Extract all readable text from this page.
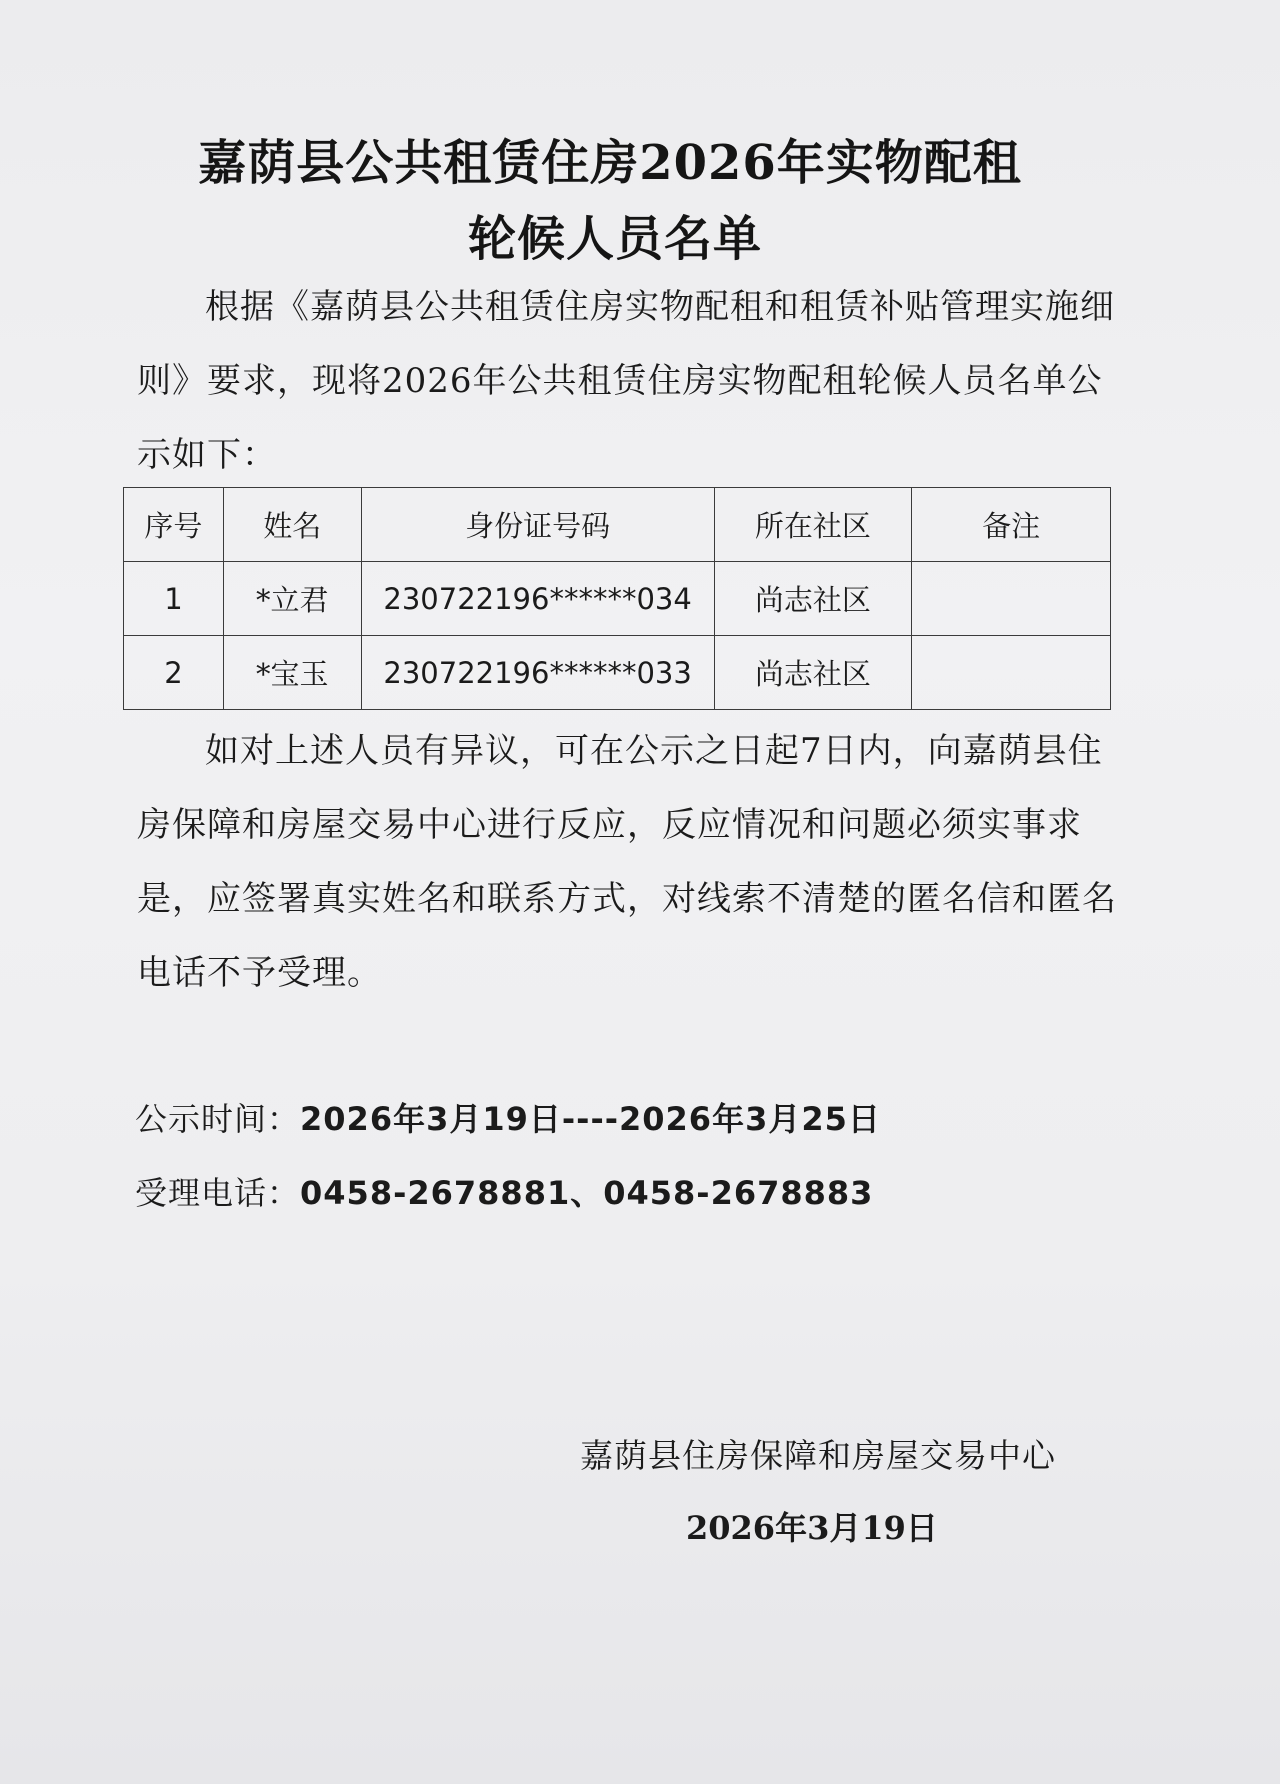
嘉荫县公共租赁住房2026年实物配租
轮候人员名单
根据《嘉荫县公共租赁住房实物配租和租赁补贴管理实施细则》要求，现将2026年公共租赁住房实物配租轮候人员名单公示如下：
序号	姓名	身份证号码	所在社区	备注
1	*立君	230722196******034	尚志社区	
2	*宝玉	230722196******033	尚志社区	
如对上述人员有异议，可在公示之日起7日内，向嘉荫县住房保障和房屋交易中心进行反应，反应情况和问题必须实事求是，应签署真实姓名和联系方式，对线索不清楚的匿名信和匿名电话不予受理。
公示时间：2026年3月19日----2026年3月25日
受理电话：0458-2678881、0458-2678883
嘉荫县住房保障和房屋交易中心
2026年3月19日
